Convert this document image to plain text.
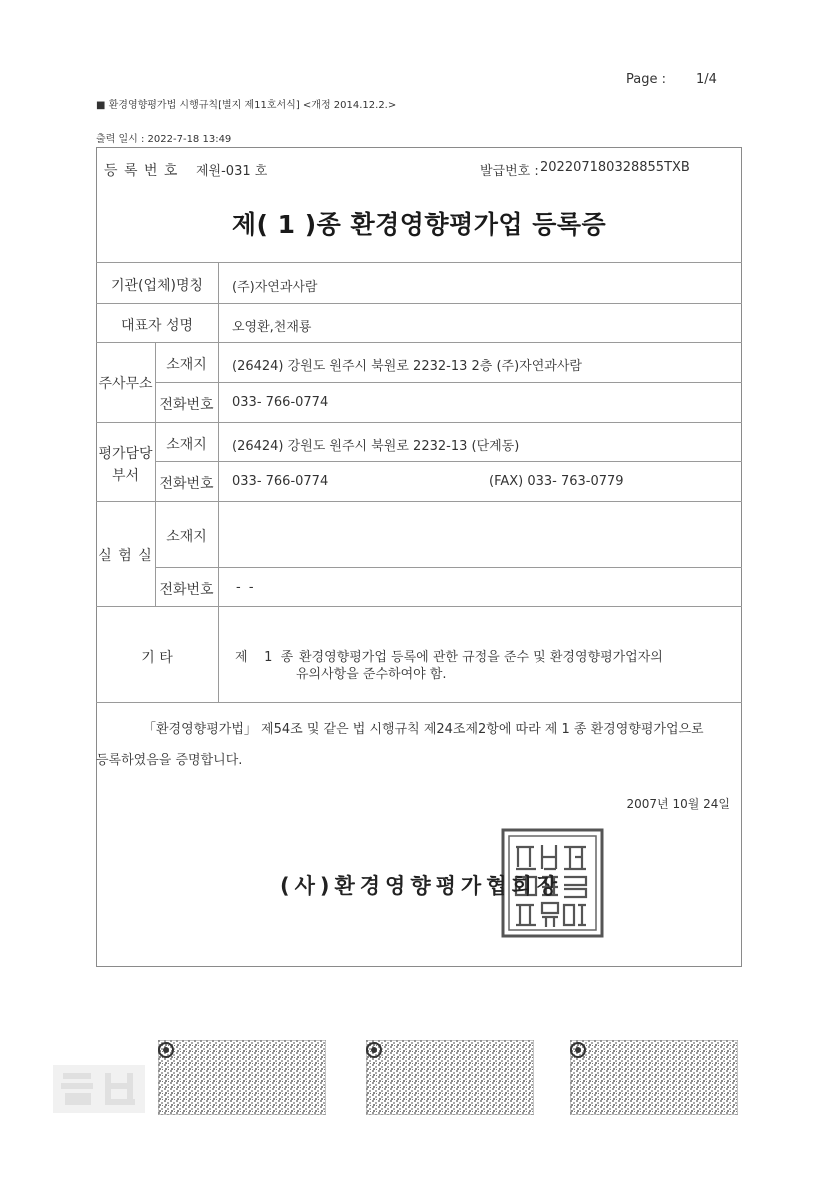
Page : 1/4
■ 환경영향평가법 시행규칙[별지 제11호서식] <개정 2014.12.2.>
출력 일시 : 2022-7-18 13:49
등 록 번 호 제원-031 호	발급번호 : 202207180328855TXB
제( 1 )종 환경영향평가업 등록증
기관(업체)명칭	(주)자연과사람
대표자 성명	오영환,천재룡
주사무소
소재지	(26424) 강원도 원주시 북원로 2232-13 2층 (주)자연과사람
전화번호	033- 766-0774
평가담당
부서
소재지	(26424) 강원도 원주시 북원로 2232-13 (단계동)
전화번호	033- 766-0774	(FAX) 033- 763-0779
실 험 실
소재지
전화번호	- -
기 타	제    1  종 환경영향평가업 등록에 관한 규정을 준수 및 환경영향평가업자의
유의사항을 준수하여야 함.
「환경영향평가법」 제54조 및 같은 법 시행규칙 제24조제2항에 따라 제 1 종 환경영향평가업으로
등록하였음을 증명합니다.
2007년 10월 24일
(사)환경영향평가협회장
